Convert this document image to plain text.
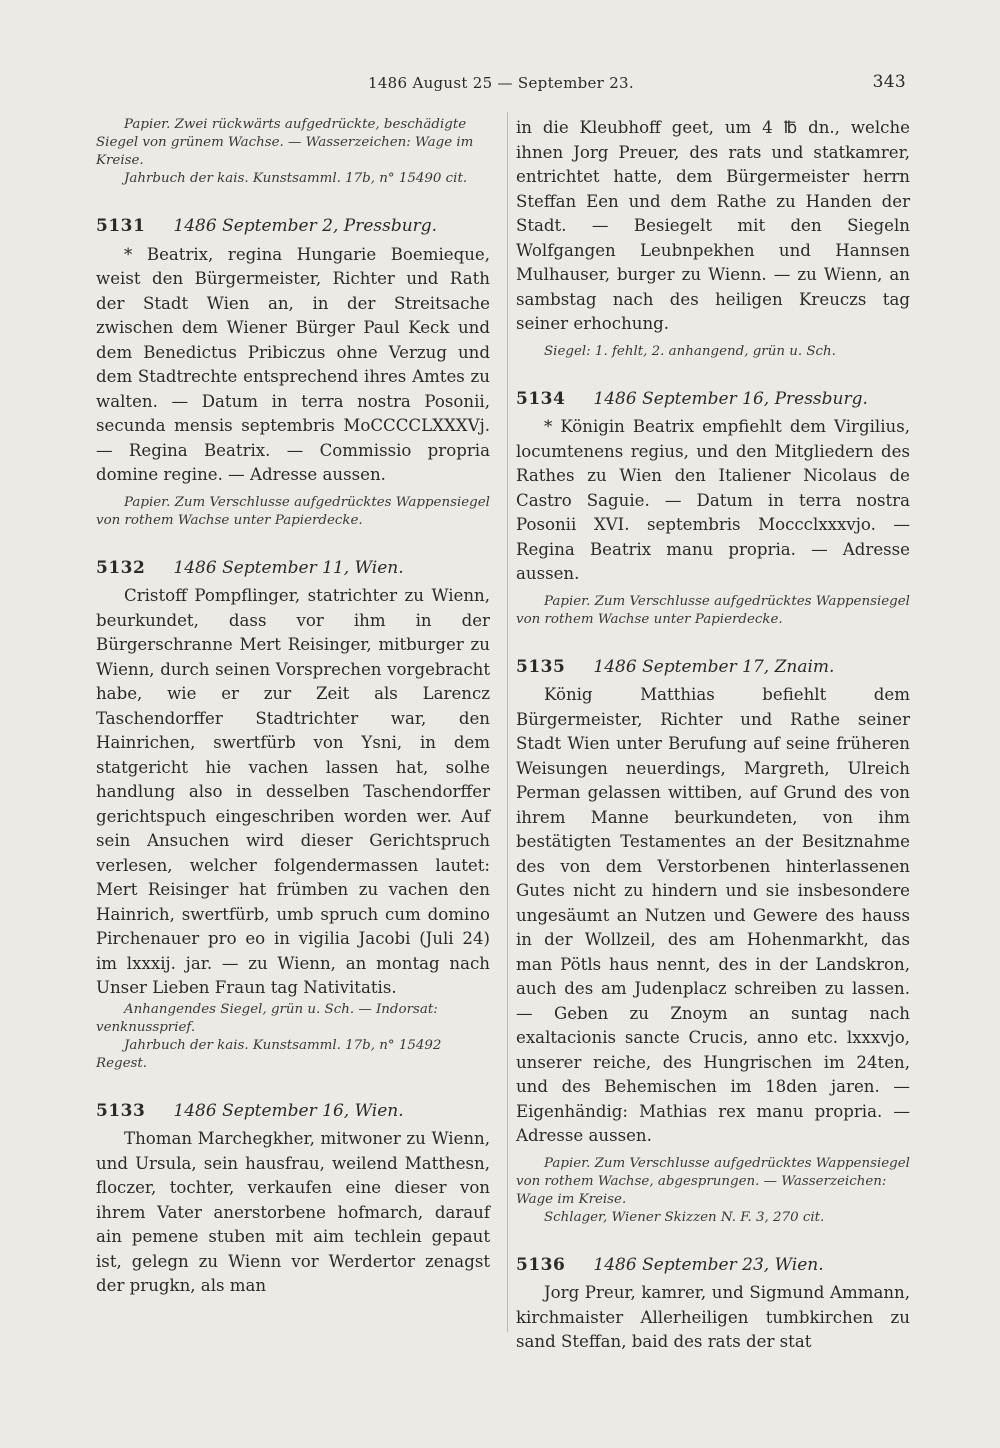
1486 August 25 — September 23.	343

Papier. Zwei rückwärts aufgedrückte, beschädigte Siegel von grünem Wachse. — Wasserzeichen: Wage im Kreise.

Jahrbuch der kais. Kunstsamml. 17b, n° 15490 cit.

5131 1486 September 2, Pressburg.

* Beatrix, regina Hungarie Boemieque, weist den Bürgermeister, Richter und Rath der Stadt Wien an, in der Streitsache zwischen dem Wiener Bürger Paul Keck und dem Benedictus Pribiczus ohne Verzug und dem Stadtrechte entsprechend ihres Amtes zu walten. — Datum in terra nostra Posonii, secunda mensis septembris MoCCCCLXXXVj. — Regina Beatrix. — Commissio propria domine regine. — Adresse aussen.

Papier. Zum Verschlusse aufgedrücktes Wappensiegel von rothem Wachse unter Papierdecke.

5132 1486 September 11, Wien.

Cristoff Pompflinger, statrichter zu Wienn, beurkundet, dass vor ihm in der Bürgerschranne Mert Reisinger, mitburger zu Wienn, durch seinen Vorsprechen vorgebracht habe, wie er zur Zeit als Larencz Taschendorffer Stadtrichter war, den Hainrichen, swertfürb von Ysni, in dem statgericht hie vachen lassen hat, solhe handlung also in desselben Taschendorffer gerichtspuch eingeschriben worden wer. Auf sein Ansuchen wird dieser Gerichtspruch verlesen, welcher folgendermassen lautet: Mert Reisinger hat frümben zu vachen den Hainrich, swertfürb, umb spruch cum domino Pirchenauer pro eo in vigilia Jacobi (Juli 24) im lxxxij. jar. — zu Wienn, an montag nach Unser Lieben Fraun tag Nativitatis.

Anhangendes Siegel, grün u. Sch. — Indorsat: venknussprief.

Jahrbuch der kais. Kunstsamml. 17b, n° 15492 Regest.

5133 1486 September 16, Wien.

Thoman Marchegkher, mitwoner zu Wienn, und Ursula, sein hausfrau, weilend Matthesn, floczer, tochter, verkaufen eine dieser von ihrem Vater anerstorbene hofmarch, darauf ain pemene stuben mit aim techlein gepaut ist, gelegn zu Wienn vor Werdertor zenagst der prugkn, als man

in die Kleubhoff geet, um 4 ℔ dn., welche ihnen Jorg Preuer, des rats und statkamrer, entrichtet hatte, dem Bürgermeister herrn Steffan Een und dem Rathe zu Handen der Stadt. — Besiegelt mit den Siegeln Wolfgangen Leubnpekhen und Hannsen Mulhauser, burger zu Wienn. — zu Wienn, an sambstag nach des heiligen Kreuczs tag seiner erhochung.

Siegel: 1. fehlt, 2. anhangend, grün u. Sch.

5134 1486 September 16, Pressburg.

* Königin Beatrix empfiehlt dem Virgilius, locumtenens regius, und den Mitgliedern des Rathes zu Wien den Italiener Nicolaus de Castro Saguie. — Datum in terra nostra Posonii XVI. septembris Moccclxxxvjo. — Regina Beatrix manu propria. — Adresse aussen.

Papier. Zum Verschlusse aufgedrücktes Wappensiegel von rothem Wachse unter Papierdecke.

5135 1486 September 17, Znaim.

König Matthias befiehlt dem Bürgermeister, Richter und Rathe seiner Stadt Wien unter Berufung auf seine früheren Weisungen neuerdings, Margreth, Ulreich Perman gelassen wittiben, auf Grund des von ihrem Manne beurkundeten, von ihm bestätigten Testamentes an der Besitznahme des von dem Verstorbenen hinterlassenen Gutes nicht zu hindern und sie insbesondere ungesäumt an Nutzen und Gewere des hauss in der Wollzeil, des am Hohenmarkht, das man Pötls haus nennt, des in der Landskron, auch des am Judenplacz schreiben zu lassen. — Geben zu Znoym an suntag nach exaltacionis sancte Crucis, anno etc. lxxxvjo, unserer reiche, des Hungrischen im 24ten, und des Behemischen im 18den jaren. — Eigenhändig: Mathias rex manu propria. — Adresse aussen.

Papier. Zum Verschlusse aufgedrücktes Wappensiegel von rothem Wachse, abgesprungen. — Wasserzeichen: Wage im Kreise.

Schlager, Wiener Skizzen N. F. 3, 270 cit.

5136 1486 September 23, Wien.

Jorg Preur, kamrer, und Sigmund Ammann, kirchmaister Allerheiligen tumbkirchen zu sand Steffan, baid des rats der stat
